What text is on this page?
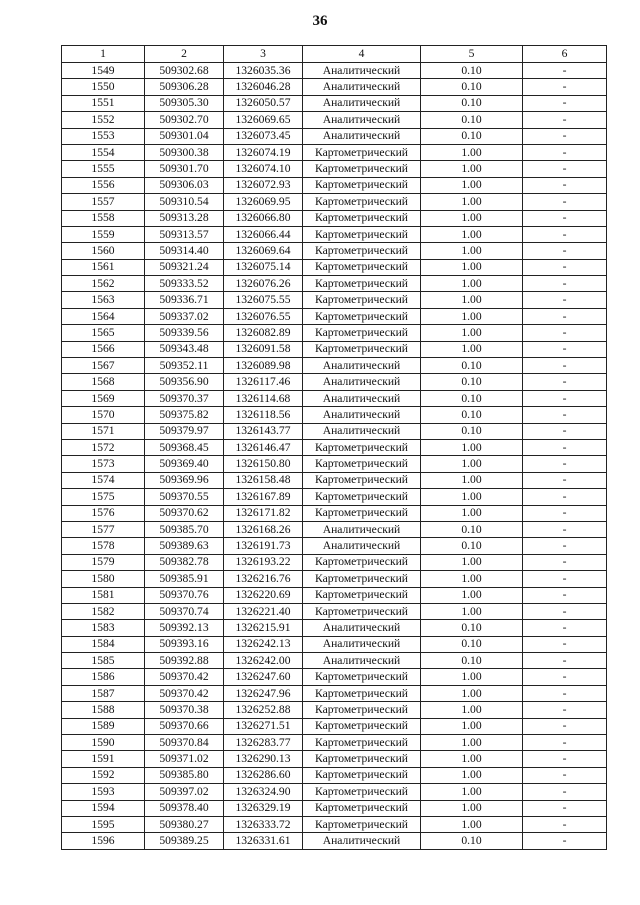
36
1	2	3	4	5	6
1549	509302.68	1326035.36	Аналитический	0.10	-
1550	509306.28	1326046.28	Аналитический	0.10	-
1551	509305.30	1326050.57	Аналитический	0.10	-
1552	509302.70	1326069.65	Аналитический	0.10	-
1553	509301.04	1326073.45	Аналитический	0.10	-
1554	509300.38	1326074.19	Картометрический	1.00	-
1555	509301.70	1326074.10	Картометрический	1.00	-
1556	509306.03	1326072.93	Картометрический	1.00	-
1557	509310.54	1326069.95	Картометрический	1.00	-
1558	509313.28	1326066.80	Картометрический	1.00	-
1559	509313.57	1326066.44	Картометрический	1.00	-
1560	509314.40	1326069.64	Картометрический	1.00	-
1561	509321.24	1326075.14	Картометрический	1.00	-
1562	509333.52	1326076.26	Картометрический	1.00	-
1563	509336.71	1326075.55	Картометрический	1.00	-
1564	509337.02	1326076.55	Картометрический	1.00	-
1565	509339.56	1326082.89	Картометрический	1.00	-
1566	509343.48	1326091.58	Картометрический	1.00	-
1567	509352.11	1326089.98	Аналитический	0.10	-
1568	509356.90	1326117.46	Аналитический	0.10	-
1569	509370.37	1326114.68	Аналитический	0.10	-
1570	509375.82	1326118.56	Аналитический	0.10	-
1571	509379.97	1326143.77	Аналитический	0.10	-
1572	509368.45	1326146.47	Картометрический	1.00	-
1573	509369.40	1326150.80	Картометрический	1.00	-
1574	509369.96	1326158.48	Картометрический	1.00	-
1575	509370.55	1326167.89	Картометрический	1.00	-
1576	509370.62	1326171.82	Картометрический	1.00	-
1577	509385.70	1326168.26	Аналитический	0.10	-
1578	509389.63	1326191.73	Аналитический	0.10	-
1579	509382.78	1326193.22	Картометрический	1.00	-
1580	509385.91	1326216.76	Картометрический	1.00	-
1581	509370.76	1326220.69	Картометрический	1.00	-
1582	509370.74	1326221.40	Картометрический	1.00	-
1583	509392.13	1326215.91	Аналитический	0.10	-
1584	509393.16	1326242.13	Аналитический	0.10	-
1585	509392.88	1326242.00	Аналитический	0.10	-
1586	509370.42	1326247.60	Картометрический	1.00	-
1587	509370.42	1326247.96	Картометрический	1.00	-
1588	509370.38	1326252.88	Картометрический	1.00	-
1589	509370.66	1326271.51	Картометрический	1.00	-
1590	509370.84	1326283.77	Картометрический	1.00	-
1591	509371.02	1326290.13	Картометрический	1.00	-
1592	509385.80	1326286.60	Картометрический	1.00	-
1593	509397.02	1326324.90	Картометрический	1.00	-
1594	509378.40	1326329.19	Картометрический	1.00	-
1595	509380.27	1326333.72	Картометрический	1.00	-
1596	509389.25	1326331.61	Аналитический	0.10	-
